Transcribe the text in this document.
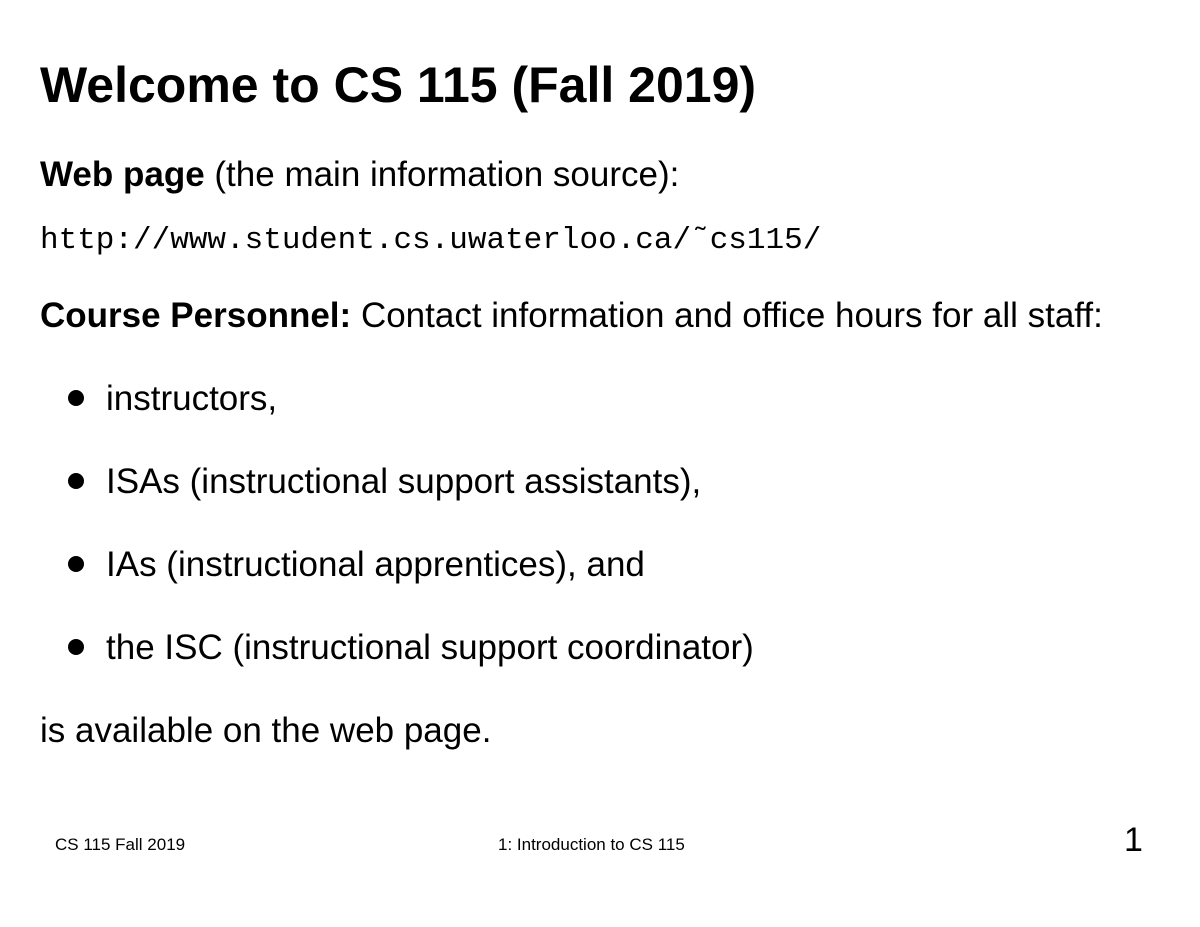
Welcome to CS 115 (Fall 2019)

Web page (the main information source):

http://www.student.cs.uwaterloo.ca/˜cs115/

Course Personnel: Contact information and office hours for all staff:

instructors,
ISAs (instructional support assistants),
IAs (instructional apprentices), and
the ISC (instructional support coordinator)

is available on the web page.

CS 115 Fall 2019	1: Introduction to CS 115	1
